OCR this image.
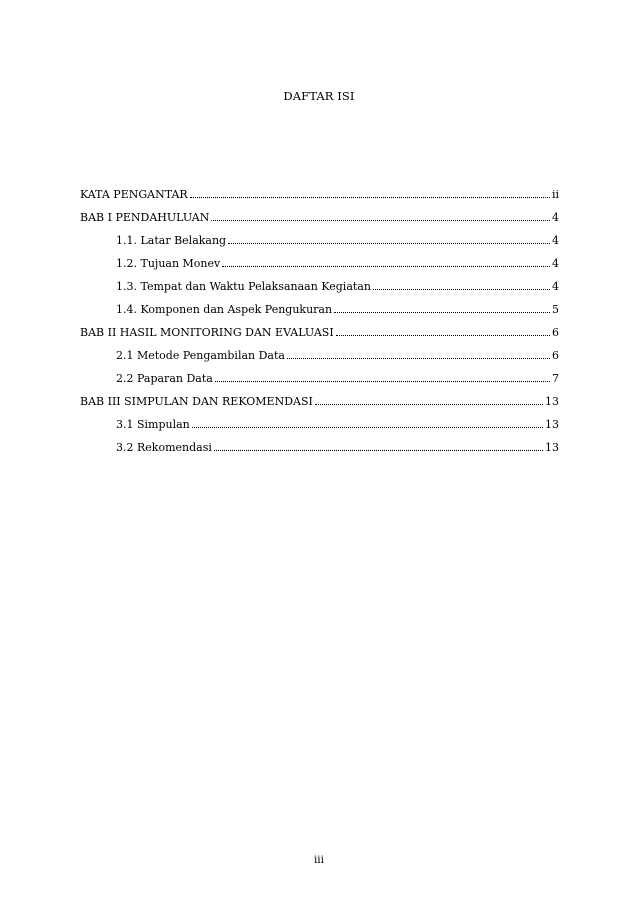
DAFTAR ISI
KATA PENGANTAR	ii
BAB I PENDAHULUAN	4
1.1. Latar Belakang	4
1.2. Tujuan Monev	4
1.3. Tempat dan Waktu Pelaksanaan Kegiatan	4
1.4. Komponen dan Aspek Pengukuran	5
BAB II HASIL MONITORING DAN EVALUASI	6
2.1 Metode Pengambilan Data	6
2.2 Paparan Data	7
BAB III SIMPULAN DAN REKOMENDASI	13
3.1 Simpulan	13
3.2 Rekomendasi	13
iii
